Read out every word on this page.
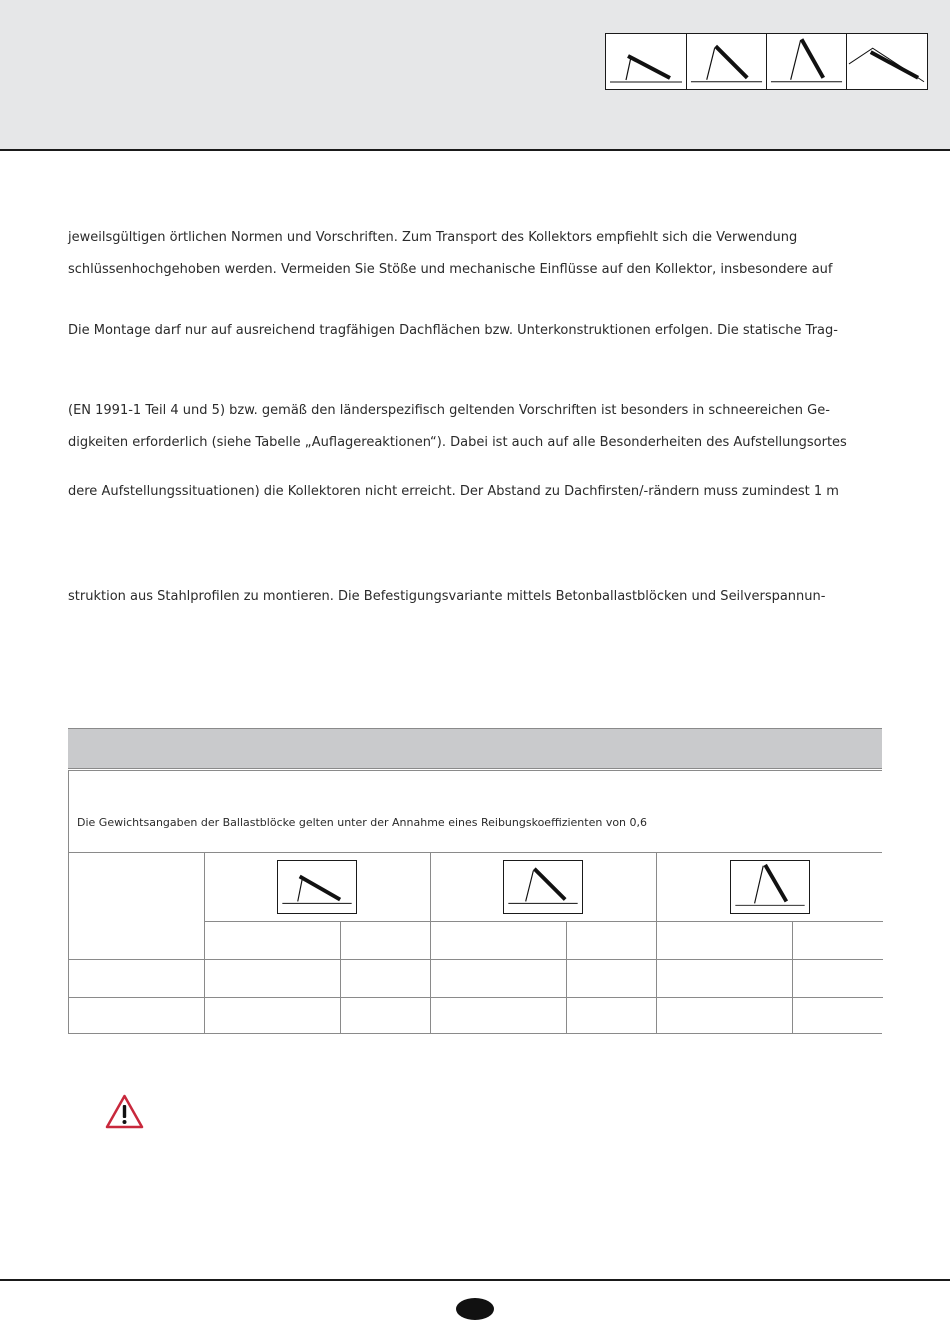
jeweilsgültigen örtlichen Normen und Vorschriften. Zum Transport des Kollektors empfiehlt sich die Verwendung
schlüssenhochgehoben werden. Vermeiden Sie Stöße und mechanische Einflüsse auf den Kollektor, insbesondere auf
Die Montage darf nur auf ausreichend tragfähigen Dachflächen bzw. Unterkonstruktionen erfolgen. Die statische Trag-
(EN 1991-1 Teil 4 und 5) bzw. gemäß den länderspezifisch geltenden Vorschriften ist besonders in schneereichen Ge-
digkeiten erforderlich (siehe Tabelle „Auflagereaktionen“). Dabei ist auch auf alle Besonderheiten des Aufstellungsortes
dere Aufstellungssituationen) die Kollektoren nicht erreicht. Der Abstand zu Dachfirsten/-rändern muss zumindest 1 m
struktion aus Stahlprofilen zu montieren. Die Befestigungsvariante mittels Betonballastblöcken und Seilverspannun-
Die Gewichtsangaben der Ballastblöcke gelten unter der Annahme eines Reibungskoeffizienten von 0,6
